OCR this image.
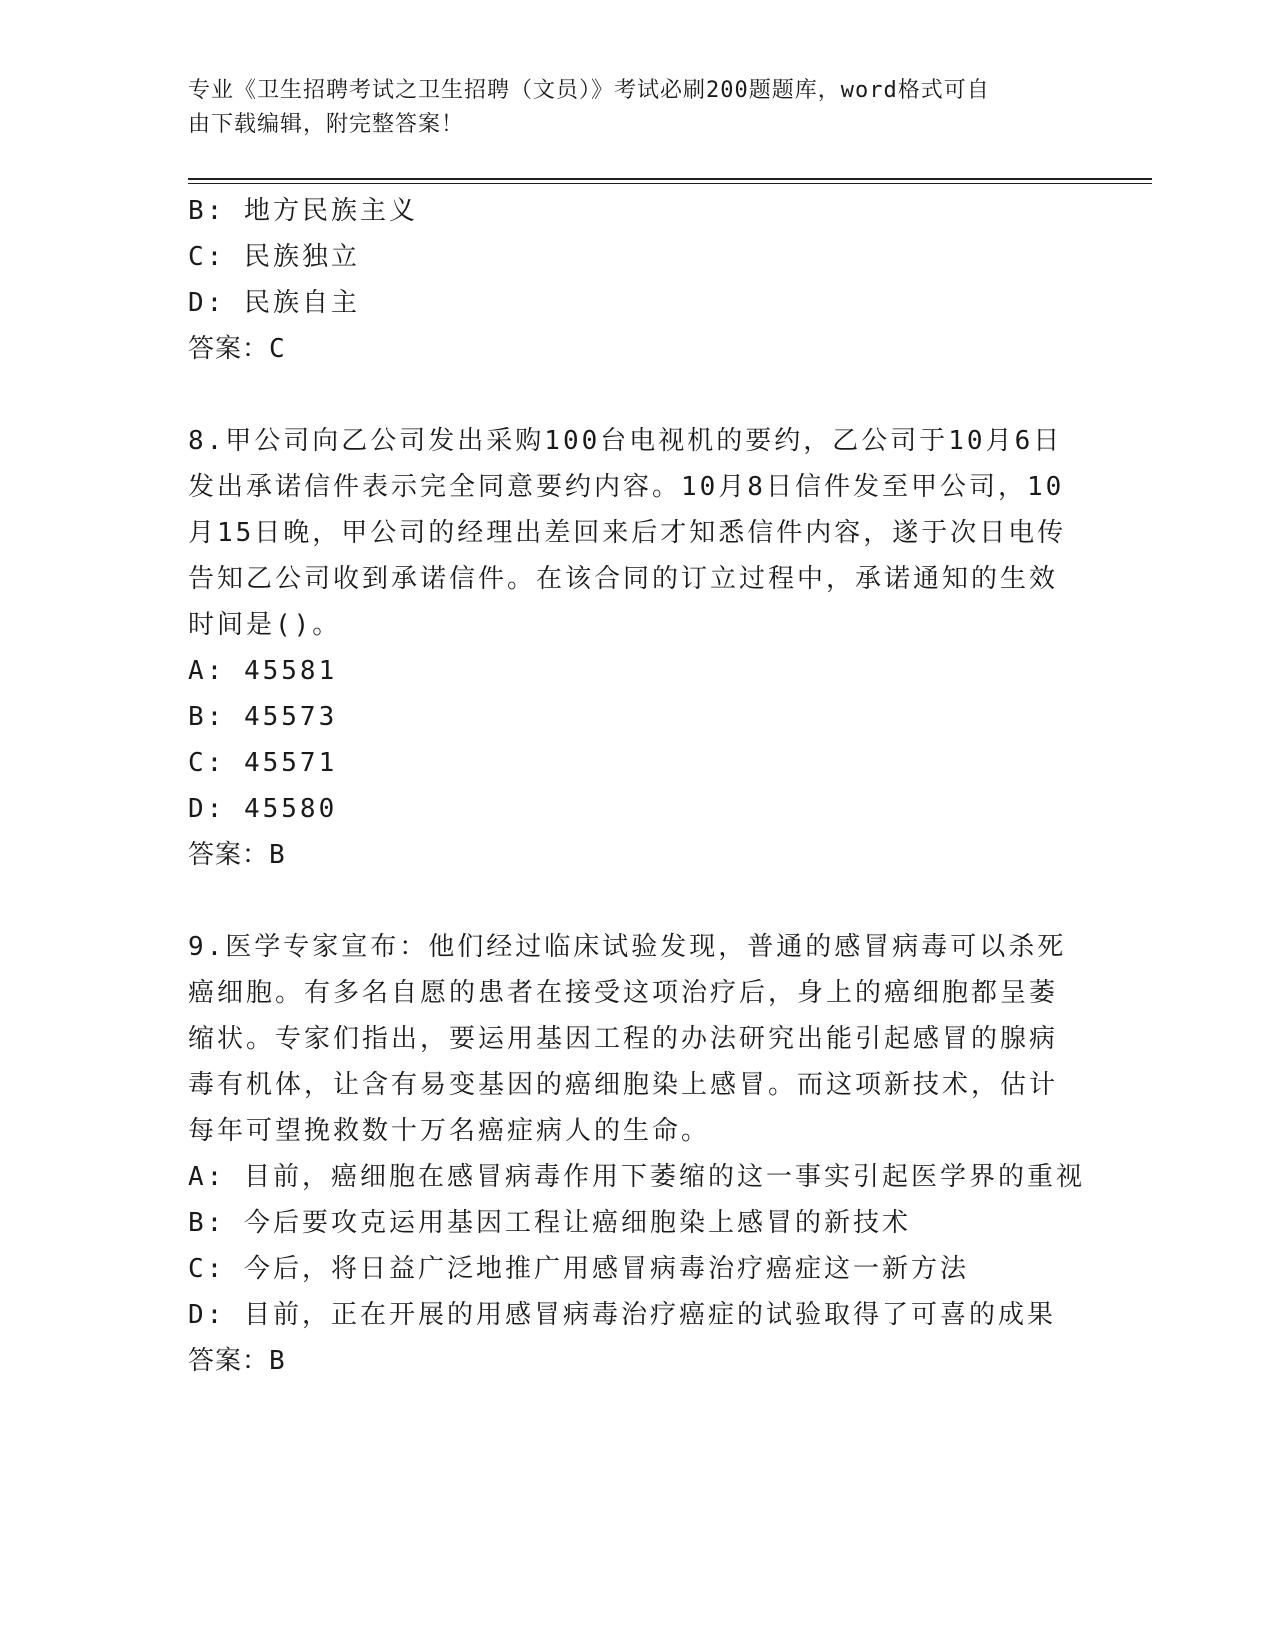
专业《卫生招聘考试之卫生招聘（文员）》考试必刷200题题库，word格式可自
由下载编辑，附完整答案！
B: 地方民族主义
C: 民族独立
D: 民族自主
答案：C
8.甲公司向乙公司发出采购100台电视机的要约，乙公司于10月6日
发出承诺信件表示完全同意要约内容。10月8日信件发至甲公司，10
月15日晚，甲公司的经理出差回来后才知悉信件内容，遂于次日电传
告知乙公司收到承诺信件。在该合同的订立过程中，承诺通知的生效
时间是()。
A: 45581
B: 45573
C: 45571
D: 45580
答案：B
9.医学专家宣布：他们经过临床试验发现，普通的感冒病毒可以杀死
癌细胞。有多名自愿的患者在接受这项治疗后，身上的癌细胞都呈萎
缩状。专家们指出，要运用基因工程的办法研究出能引起感冒的腺病
毒有机体，让含有易变基因的癌细胞染上感冒。而这项新技术，估计
每年可望挽救数十万名癌症病人的生命。
A: 目前，癌细胞在感冒病毒作用下萎缩的这一事实引起医学界的重视
B: 今后要攻克运用基因工程让癌细胞染上感冒的新技术
C: 今后，将日益广泛地推广用感冒病毒治疗癌症这一新方法
D: 目前，正在开展的用感冒病毒治疗癌症的试验取得了可喜的成果
答案：B
